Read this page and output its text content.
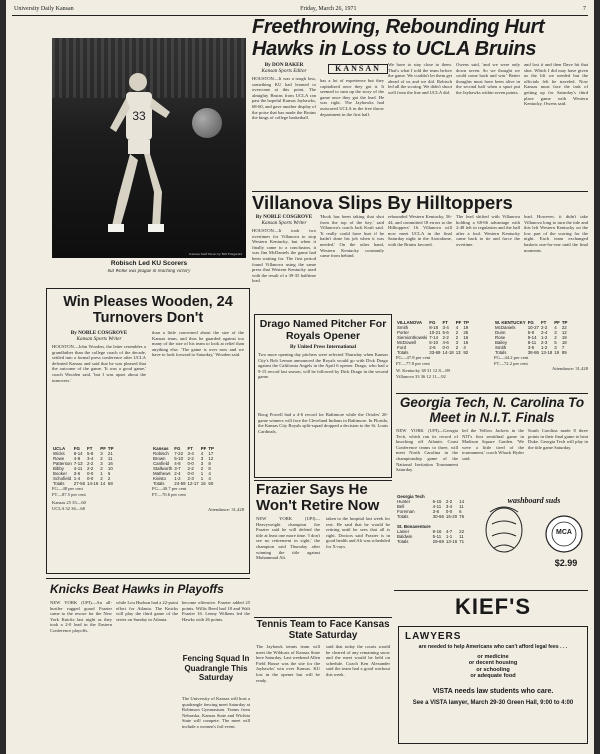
University Daily Kansan	Friday, March 26, 1971	7
33
Kansan Staff Photo by Bill Fitzgerald
Robisch Led KU Scorers
but Wolke was plague in reaching victory
Freethrowing, Rebounding Hurt Hawks in Loss to UCLA Bruins
By DON BAKER
Kansan Sports Editor
HOUSTON—It was a tough loss, something KU had learned to overcome at this point. The almighty Bruins from UCLA ran past the hopeful Kansas Jayhawks, 68-60, and gave another display of the poise that has made the Bruins the kings of college basketball.
KANSAN
has a lot of experience but they capitalized once they got it. It seemed to sum up the story of the game once they got the lead. He was right. The Jayhawks had outscored UCLA in the free throw department in the first half.
We have to stay close to them. That's what I told the team before the game. We couldn't let them get ahead of us and we did. Robisch led all the scoring. We didn't shoot well from the line and UCLA did.
Owens said, 'and we were only down seven. So we thought we could come back and win.' Better thoughts must have been alive in the second half when a spurt put the Jayhawks within seven points.
and lost it and then Dave hit that shot. Which I did may have given us the lift we needed but the officials felt he traveled. Now Kansas must face the task of getting up for Saturday's third place game with Western Kentucky, Owens said.
Villanova Slips By Hilltoppers
By NOBLE COSGROVE
Kansan Sports Writer
HOUSTON—It took two overtimes for Villanova to stop Western Kentucky, but when it finally came to a conclusion, it was Jim McDaniels the game had been waiting for. The first period found Villanova using the same press that Western Kentucky used with the result of a 39-35 halftime lead.
'Hook has been taking that shot from the top of the key,' said Villanova's coach Jack Kraft said. 'It really could have hurt if he hadn't done his job when it was needed.' On the other hand, Western Kentucky constantly came from behind.
rebounded Western Kentucky, 56-44, and committed 18 errors to the Hilltoppers' 16. Villanova will now meet UCLA in the final Saturday night in the Astrodome, with the Bruins favored.
The lead shifted with Villanova holding a 68-66 advantage with 2:48 left in regulation and the ball after a foul. Western Kentucky came back to tie and force the overtime.
lead. However, it didn't take Villanova long to turn the tide and this left Western Kentucky on the low part of the scoring for the night. Each team exchanged baskets one-for-one until the final moments.
Win Pleases Wooden, 24 Turnovers Don't
By NOBLE COSGROVE
Kansan Sports Writer
HOUSTON—John Wooden, the letter resembles a grandfather than the college coach of the decade, settled into a formal press conference after UCLA defeated Kansas and said that he was pleased that the outcome of the game. 'It was a good game,' coach Wooden said, 'but I was upset about the turnovers.'
than a little concerned about the size of the Kansas team, and thus he guarded against too many of the size of his team to look at relief than anything else. 'The game is over now and we have to look forward to Saturday,' Wooden said.
UCLA	FG	FT	PF	TP
Wicks	8-14	5-8	3	21
Rowe	4-8	3-4	2	11
Patterson	7-13	2-2	3	16
Bibby	4-11	2-2	2	10
Booker	3-6	0-0	1	6
Schofield	1-4	0-0	2	2
Totals	27-56	14-16	14	68
FG—48 per cent
FT—87.5 per cent
Kansas 25 35—60
UCLA 32 36—68
Kansas	FG	FT	PF	TP
Robisch	7-22	3-4	4	17
Brown	5-10	2-2	3	12
Canfield	4-8	0-0	3	8
Stallworth	3-7	2-2	2	8
Mathews	2-4	0-0	1	4
Kivisto	1-2	2-3	1	4
Totals	24-59	12-17	16	60
FG—40.7 per cent
FT—70.6 per cent
Attendance: 31,428
Drago Named Pitcher For Royals Opener
By United Press International
Two more opening day pitchers were selected Thursday when Kansas City's Bob Lemon announced the Royals would go with Dick Drago against the California Angels in the April 6 opener. Drago, who had a 9-15 record last season, will be followed by Dick Drago in the second game.
Boog Powell had a 4-6 record for Baltimore while the Orioles' 20-game winners will face the Cleveland Indians in Baltimore. In Florida, the Kansas City Royals split-squad dropped a decision to the St. Louis Cardinals.
VILLANOVA	FG	FT	PF	TP
Smith	8-18	3-4	4	19
Porter	10-21	5-6	2	25
Siemiontkowski	7-14	2-2	2	16
McDowell	6-10	4-6	3	16
Ford	2-6	0-0	2	4
Totals	33-69	14-18	13	92
FG—47.8 per cent
FT—77.8 per cent
W. Kentucky 38 31 12 8—89
Villanova 33 36 12 11—92
W. KENTUCKY	FG	FT	PF	TP
McDaniels	10-27	2-2	4	22
Dunn	5-9	2-4	3	12
Rose	9-14	1-2	2	19
Bailey	8-11	2-3	5	18
Smith	3-9	1-2	3	7
Totals	38-86	13-18	19	89
FG—44.2 per cent
FT—72.2 per cent
Attendance: 31,428
Georgia Tech, N. Carolina To Meet in N.I.T. Finals
NEW YORK (UPI)—Georgia Tech, which ran its record of knocking off Atlantic Coast Conference teams to three, will meet North Carolina in the championship game of the National Invitation Tournament Saturday.
led the Yellow Jackets in the NIT's first semifinal game in Madison Square Garden. 'We were a little tired of the tournament,' coach Whack Hyder said.
South Carolina made 8 three points in their final game to beat Duke. Georgia Tech will play in the title game Saturday.
Georgia Tech			
Hunter	6-15	2-2	14
Bell	4-11	3-4	11
Foreman	3-6	0-0	6
Totals	30-66	16-20	76

St. Bonaventure			
Lanier	9-16	4-7	22
Baldwin	5-11	1-1	11
Totals	29-69	13-16	71
washboard suds
MCA
$2.99
Frazier Says He Won't Retire Now
NEW YORK (UPI)—Heavyweight champion Joe Frazier said he will defend the title at least one more time. 'I don't see no retirement in sight,' the champion said Thursday after winning the title against Muhammad Ali.
taken to the hospital last week for rest. He said that he would be retiring until he sees that all is right. Doctors said Frazier is in good health and Ali was scheduled for X-rays.
Tennis Team to Face Kansas State Saturday
The Jayhawk tennis team will meet the Wildcats of Kansas State here Saturday. Last weekend Allen Field House was the site for the Jayhawks' win over Kansas. KU lost in the opener but will be ready.
said that today the courts would be cleared of any remaining snow and the meet would be held on schedule. Coach Ken Alexander said the team had a good workout this week.
Knicks Beat Hawks in Playoffs
NEW YORK (UPI)—An all-hustler rugged guard Frazier came to the rescue for the New York Knicks last night as they took a 2-0 lead in the Eastern Conference playoffs.
while Lou Hudson had a 22-point effort for Atlanta. The Knicks will play the third game of the series on Sunday in Atlanta.
become offensive. Frazier added 25 points. Willis Reed had 18 and Walt Frazier 16. Lenny Wilkens led the Hawks with 26 points.
Fencing Squad In Quadrangle This Saturday
The University of Kansas will host a quadrangle fencing meet Saturday at Robinson Gymnasium. Teams from Nebraska, Kansas State and Wichita State will compete. The meet will include a women's foil event.
KIEF'S
LAWYERS
are needed to help Americans who can't afford legal fees . . .
or medicine
or decent housing
or schooling
or adequate food
VISTA needs law students who care.
See a VISTA lawyer, March 29-30 Green Hall, 9:00 to 4:00
